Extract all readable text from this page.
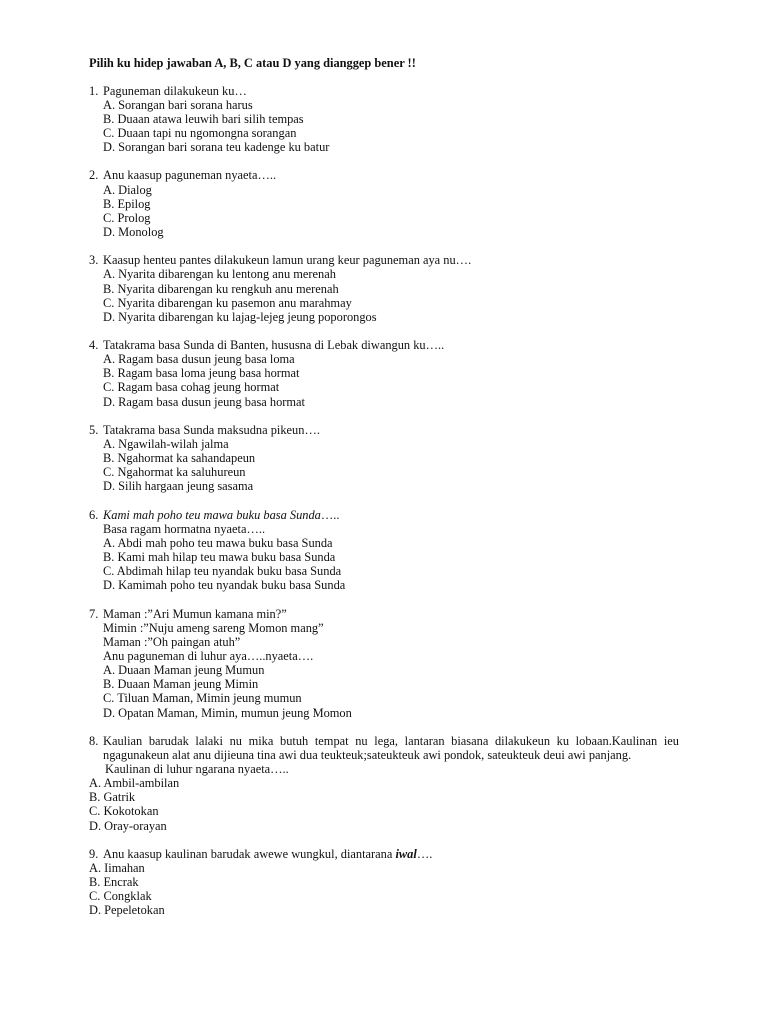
Pilih ku hidep jawaban A, B, C atau D yang dianggep bener !!
1. Paguneman dilakukeun ku…
A. Sorangan bari sorana harus
B. Duaan atawa leuwih bari silih tempas
C. Duaan tapi nu ngomongna sorangan
D. Sorangan bari sorana teu kadenge ku batur
2. Anu kaasup paguneman nyaeta…..
A. Dialog
B. Epilog
C. Prolog
D. Monolog
3. Kaasup henteu pantes dilakukeun lamun urang keur paguneman aya nu….
A. Nyarita dibarengan ku lentong anu merenah
B. Nyarita dibarengan ku rengkuh anu merenah
C. Nyarita dibarengan ku pasemon anu marahmay
D. Nyarita dibarengan ku lajag-lejeg jeung poporongos
4. Tatakrama basa Sunda di Banten, hususna di Lebak diwangun ku…..
A. Ragam basa dusun jeung basa loma
B. Ragam basa loma jeung basa hormat
C. Ragam basa cohag jeung hormat
D. Ragam basa dusun jeung basa hormat
5. Tatakrama basa Sunda maksudna pikeun….
A. Ngawilah-wilah jalma
B. Ngahormat ka sahandapeun
C. Ngahormat ka saluhureun
D. Silih hargaan jeung sasama
6. Kami mah poho teu mawa buku basa Sunda…..
Basa ragam hormatna nyaeta…..
A. Abdi mah poho teu mawa buku basa Sunda
B. Kami mah hilap teu mawa buku basa Sunda
C. Abdimah hilap teu nyandak buku basa Sunda
D. Kamimah poho teu nyandak buku basa Sunda
7. Maman :”Ari Mumun kamana min?”
Mimin :”Nuju ameng sareng Momon mang”
Maman :”Oh paingan atuh”
Anu paguneman di luhur aya…..nyaeta….
A. Duaan Maman jeung Mumun
B. Duaan Maman jeung Mimin
C. Tiluan Maman, Mimin jeung mumun
D. Opatan Maman, Mimin, mumun jeung Momon
8. Kaulian barudak lalaki nu mika butuh tempat nu lega, lantaran biasana dilakukeun ku lobaan.Kaulinan ieu ngagunakeun alat anu dijieuna tina awi dua teukteuk;sateukteuk awi pondok, sateukteuk deui awi panjang.
Kaulinan di luhur ngarana nyaeta…..
A. Ambil-ambilan
B. Gatrik
C. Kokotokan
D. Oray-orayan
9. Anu kaasup kaulinan barudak awewe wungkul, diantarana iwal….
A. Iimahan
B. Encrak
C. Congklak
D. Pepeletokan
